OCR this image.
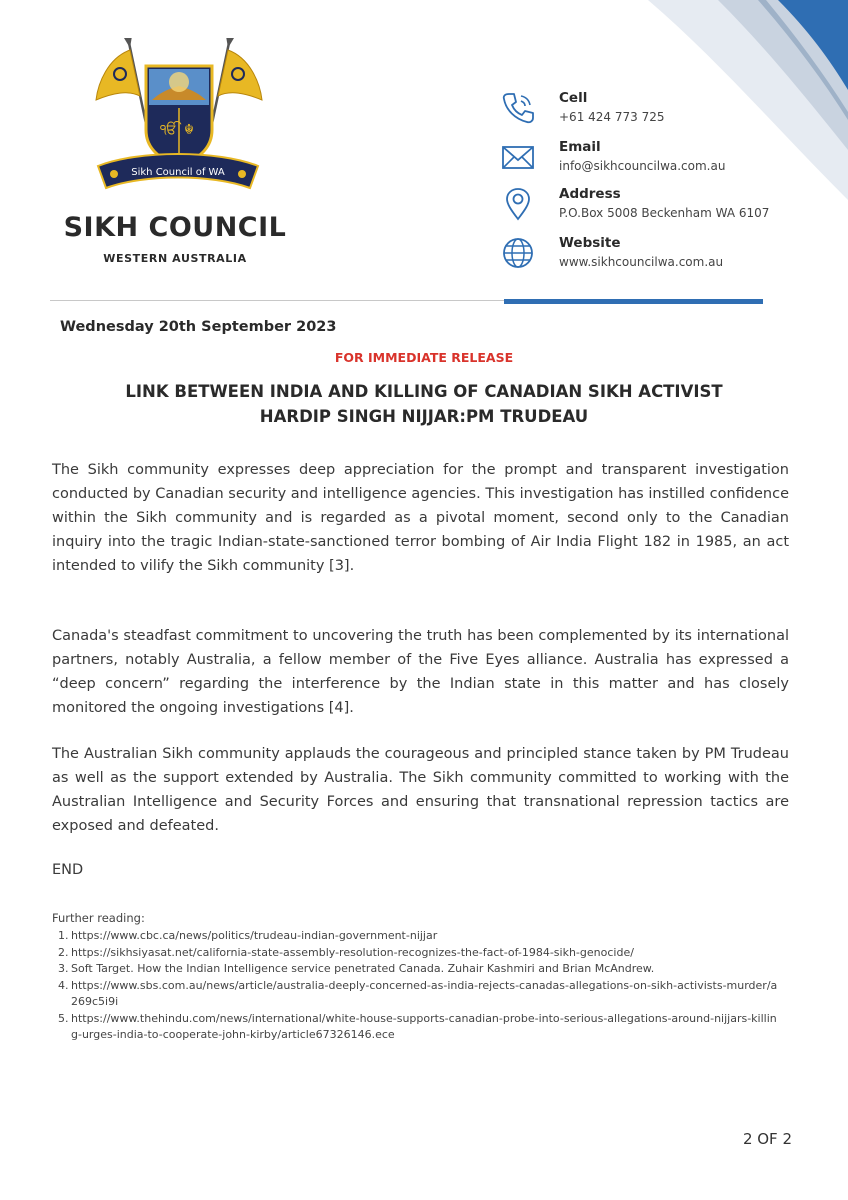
ੴ ☬
Sikh Council of WA
SIKH COUNCIL
WESTERN AUSTRALIA
Cell
+61 424 773 725
Email
info@sikhcouncilwa.com.au
Address
P.O.Box 5008 Beckenham WA 6107
Website
www.sikhcouncilwa.com.au
Wednesday 20th September 2023
FOR IMMEDIATE RELEASE
LINK BETWEEN INDIA AND KILLING OF CANADIAN SIKH ACTIVIST
HARDIP SINGH NIJJAR:PM TRUDEAU

The Sikh community expresses deep appreciation for the prompt and transparent investigation conducted by Canadian security and intelligence agencies. This investigation has instilled confidence within the Sikh community and is regarded as a pivotal moment, second only to the Canadian inquiry into the tragic Indian-state-sanctioned terror bombing of Air India Flight 182 in 1985, an act intended to vilify the Sikh community [3].

Canada's steadfast commitment to uncovering the truth has been complemented by its international partners, notably Australia, a fellow member of the Five Eyes alliance. Australia has expressed a “deep concern” regarding the interference by the Indian state in this matter and has closely monitored the ongoing investigations [4].

The Australian Sikh community applauds the courageous and principled stance taken by PM Trudeau as well as the support extended by Australia. The Sikh community committed to working with the Australian Intelligence and Security Forces and ensuring that transnational repression tactics are exposed and defeated.

END
Further reading:
1. https://www.cbc.ca/news/politics/trudeau-indian-government-nijjar
2. https://sikhsiyasat.net/california-state-assembly-resolution-recognizes-the-fact-of-1984-sikh-genocide/
3. Soft Target. How the Indian Intelligence service penetrated Canada. Zuhair Kashmiri and Brian McAndrew.
4. https://www.sbs.com.au/news/article/australia-deeply-concerned-as-india-rejects-canadas-allegations-on-sikh-activists-murder/a269c5i9i
5. https://www.thehindu.com/news/international/white-house-supports-canadian-probe-into-serious-allegations-around-nijjars-killing-urges-india-to-cooperate-john-kirby/article67326146.ece
2 OF 2
